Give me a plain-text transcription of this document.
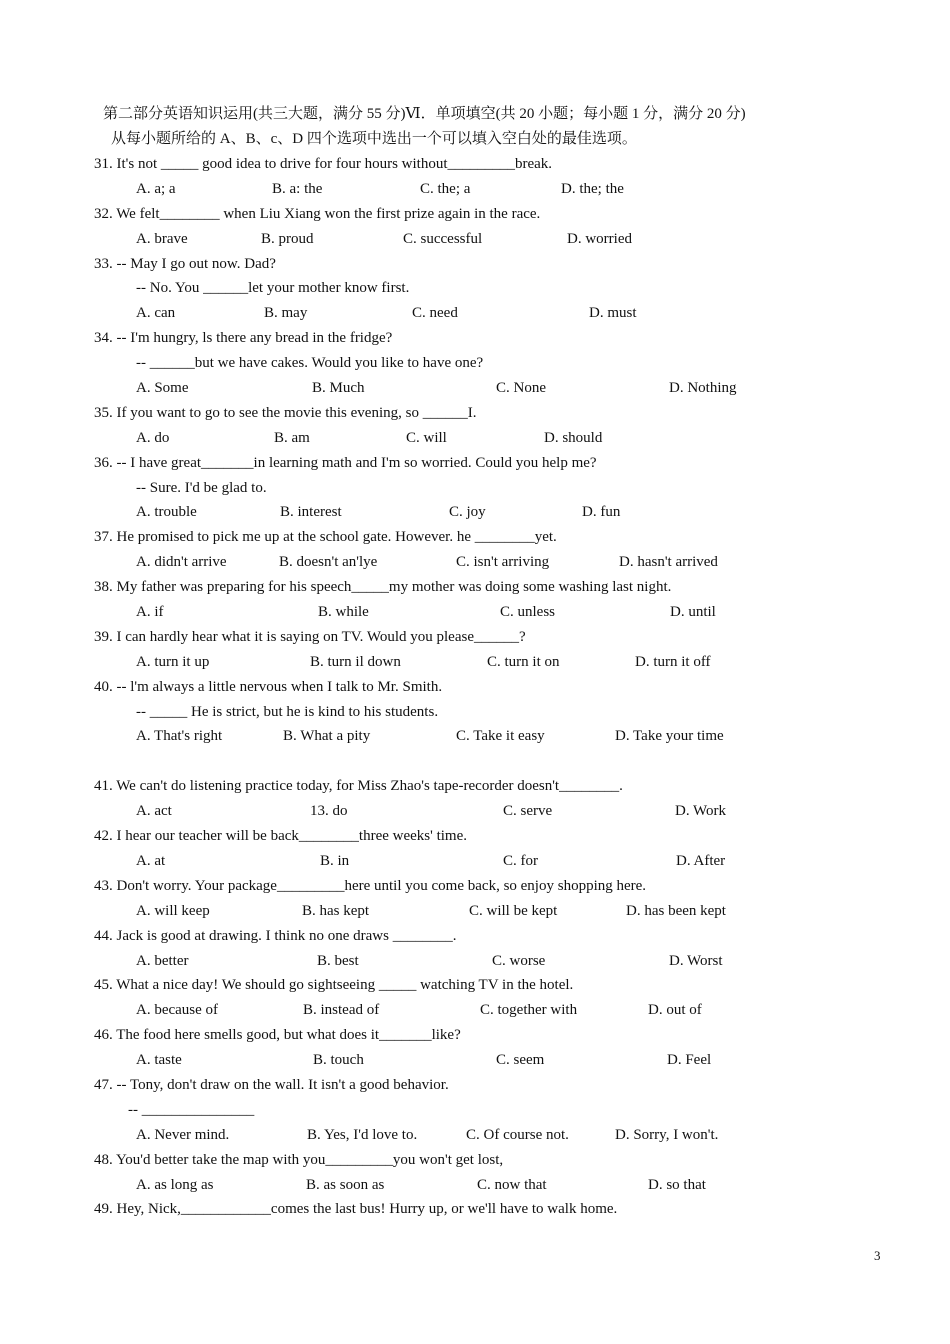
第二部分英语知识运用(共三大题，满分 55 分)Ⅵ．单项填空(共 20 小题；每小题 1 分，满分 20 分)
从每小题所给的 A、B、c、D 四个选项中选出一个可以填入空白处的最佳选项。
31. It's not _____ good idea to drive for four hours without_________break.
A. a; a	B. a: the	C. the; a	D. the; the
32. We felt________ when Liu Xiang won the first prize again in the race.
A. brave	B. proud	C. successful	D. worried
33. -- May I go out now. Dad?
-- No. You ______let your mother know first.
A. can	B. may	C. need	D. must
34. -- I'm hungry, ls there any bread in the fridge?
-- ______but we have cakes. Would you like to have one?
A. Some	B. Much	C. None	D. Nothing
35. If you want to go to see the movie this evening, so ______I.
A. do	B. am	C. will	D. should
36. -- I have great_______in learning math and I'm so worried. Could you help me?
-- Sure. I'd be glad to.
A. trouble	B. interest	C. joy	D. fun
37. He promised to pick me up at the school gate. However. he ________yet.
A. didn't arrive	B. doesn't an'lye	C. isn't arriving	D. hasn't arrived
38. My father was preparing for his speech_____my mother was doing some washing last night.
A. if	B. while	C. unless	D. until
39. I can hardly hear what it is saying on TV. Would you please______?
A. turn it up	B. turn il down	C. turn it on	D. turn it off
40. -- l'm always a little nervous when I talk to Mr. Smith.
-- _____ He is strict, but he is kind to his students.
A. That's right	B. What a pity	C. Take it easy	D. Take your time
41. We can't do listening practice today, for Miss Zhao's tape-recorder doesn't________.
A. act	13. do	C. serve	D. Work
42. I hear our teacher will be back________three weeks' time.
A. at	B. in	C. for	D. After
43. Don't worry. Your package_________here until you come back, so enjoy shopping here.
A. will keep	B. has kept	C. will be kept	D. has been kept
44. Jack is good at drawing. I think no one draws ________.
A. better	B. best	C. worse	D. Worst
45. What a nice day! We should go sightseeing _____ watching TV in the hotel.
A. because of	B. instead of	C. together with	D. out of
46. The food here smells good, but what does it_______like?
A. taste	B. touch	C. seem	D. Feel
47. -- Tony, don't draw on the wall. It isn't a good behavior.
-- _______________
A. Never mind.	B. Yes, I'd love to.	C. Of course not.	D. Sorry, I won't.
48. You'd better take the map with you_________you won't get lost,
A. as long as	B. as soon as	C. now that	D. so that
49. Hey, Nick,____________comes the last bus! Hurry up, or we'll have to walk home.
3
